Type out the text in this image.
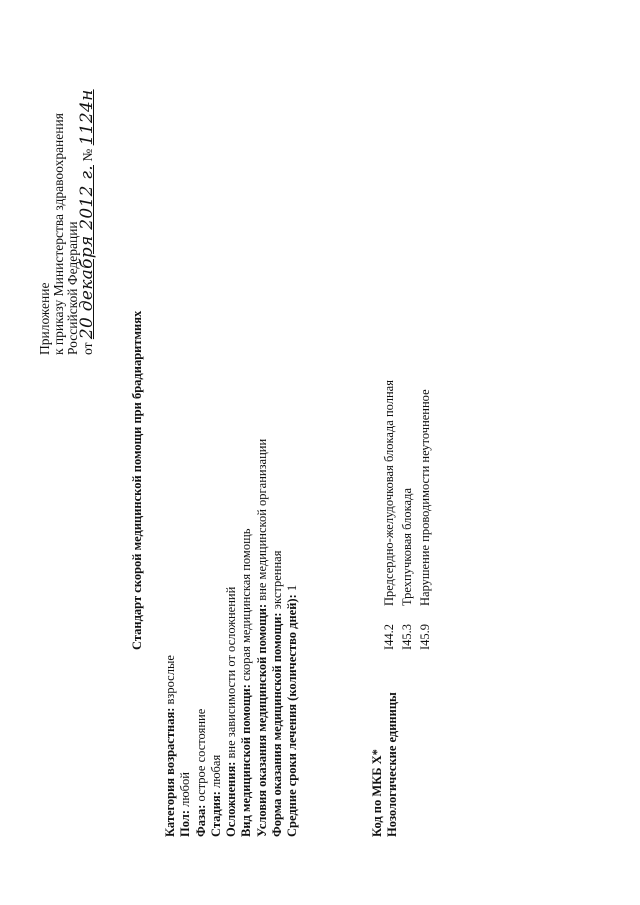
Приложение к приказу Министерства здравоохранения Российской Федерации от 20 декабря 2012 г. № 1124н
Стандарт скорой медицинской помощи при брадиаритмиях
Категория возрастная: взрослые
Пол: любой
Фаза: острое состояние
Стадия: любая Осложнения: вне зависимости от осложнений Вид медицинской помощи: скорая медицинская помощь Условия оказания медицинской помощи: вне медицинской организации
Форма оказания медицинской помощи: экстренная
Средние сроки лечения (количество дней): 1
Код по МКБ X* Нозологические единицы
I44.2Предсердно-желудочковая блокада полная
I45.3Трехпучковая блокада
I45.9Нарушение проводимости неуточненное
